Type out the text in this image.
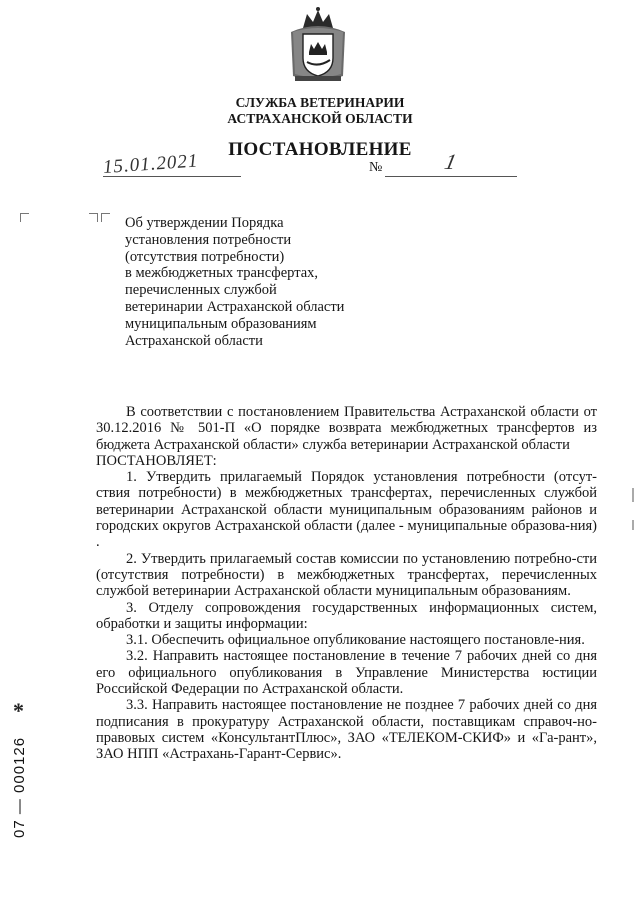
СЛУЖБА ВЕТЕРИНАРИИ
АСТРАХАНСКОЙ ОБЛАСТИ
ПОСТАНОВЛЕНИЕ
15.01.2021	№	1
Об утверждении Порядка
установления потребности
(отсутствия потребности)
в межбюджетных трансфертах,
перечисленных службой
ветеринарии Астраханской области
муниципальным образованиям
Астраханской области

В соответствии с постановлением Правительства Астраханской области от 30.12.2016 № 501-П «О порядке возврата межбюджетных трансфертов из бюджета Астраханской области» служба ветеринарии Астраханской области

ПОСТАНОВЛЯЕТ:

1. Утвердить прилагаемый Порядок установления потребности (отсут-ствия потребности) в межбюджетных трансфертах, перечисленных службой ветеринарии Астраханской области муниципальным образованиям районов и городских округов Астраханской области (далее - муниципальные образова-ния) .

2. Утвердить прилагаемый состав комиссии по установлению потребно-сти (отсутствия потребности) в межбюджетных трансфертах, перечисленных службой ветеринарии Астраханской области муниципальным образованиям.

3. Отделу сопровождения государственных информационных систем, обработки и защиты информации:

3.1. Обеспечить официальное опубликование настоящего постановле-ния.

3.2. Направить настоящее постановление в течение 7 рабочих дней со дня его официального опубликования в Управление Министерства юстиции Российской Федерации по Астраханской области.

3.3. Направить настоящее постановление не позднее 7 рабочих дней со дня подписания в прокуратуру Астраханской области, поставщикам справоч-но-правовых систем «КонсультантПлюс», ЗАО «ТЕЛЕКОМ-СКИФ» и «Га-рант», ЗАО НПП «Астрахань-Гарант-Сервис».

*
07 — 000126
